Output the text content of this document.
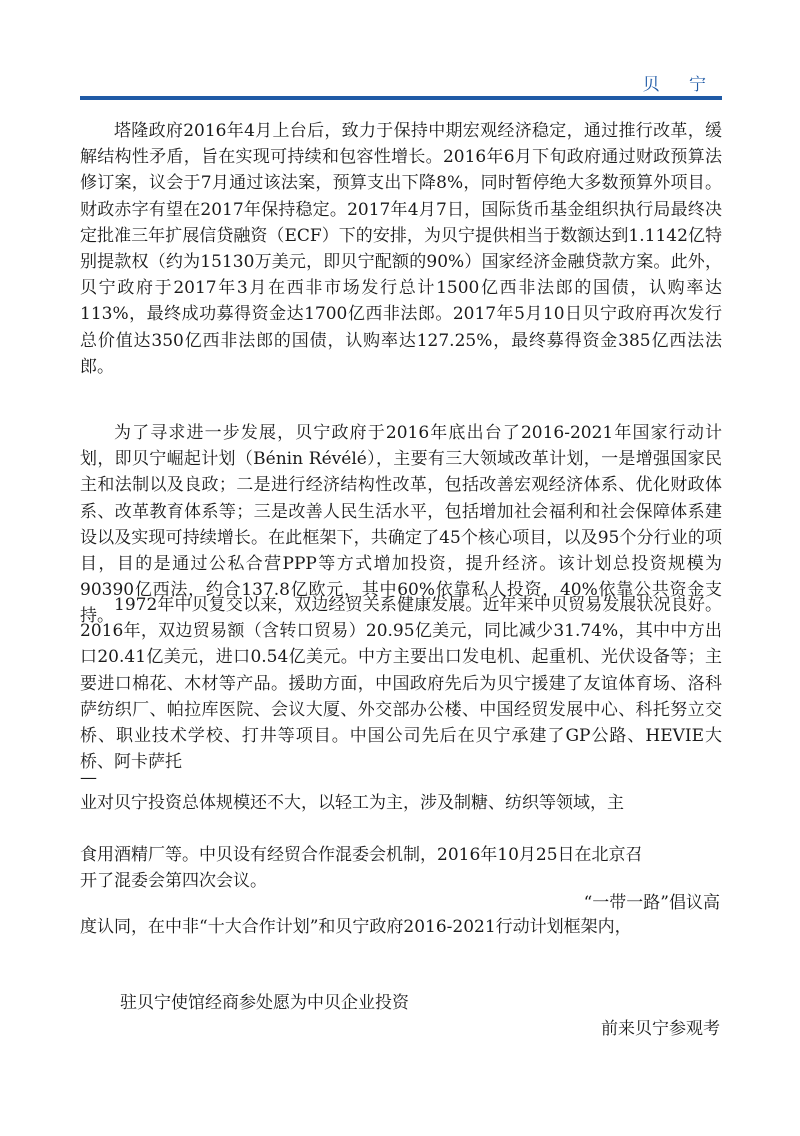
贝 宁

塔隆政府2016年4月上台后，致力于保持中期宏观经济稳定，通过推行改革，缓解结构性矛盾，旨在实现可持续和包容性增长。2016年6月下旬政府通过财政预算法修订案，议会于7月通过该法案，预算支出下降8%，同时暂停绝大多数预算外项目。财政赤字有望在2017年保持稳定。2017年4月7日，国际货币基金组织执行局最终决定批准三年扩展信贷融资（ECF）下的安排，为贝宁提供相当于数额达到1.1142亿特别提款权（约为15130万美元，即贝宁配额的90%）国家经济金融贷款方案。此外，贝宁政府于2017年3月在西非市场发行总计1500亿西非法郎的国债，认购率达113%，最终成功募得资金达1700亿西非法郎。2017年5月10日贝宁政府再次发行总价值达350亿西非法郎的国债，认购率达127.25%，最终募得资金385亿西法法郎。

为了寻求进一步发展，贝宁政府于2016年底出台了2016-2021年国家行动计划，即贝宁崛起计划（Bénin Révélé），主要有三大领域改革计划，一是增强国家民主和法制以及良政；二是进行经济结构性改革，包括改善宏观经济体系、优化财政体系、改革教育体系等；三是改善人民生活水平，包括增加社会福利和社会保障体系建设以及实现可持续增长。在此框架下，共确定了45个核心项目，以及95个分行业的项目，目的是通过公私合营PPP等方式增加投资，提升经济。该计划总投资规模为90390亿西法，约合137.8亿欧元，其中60%依靠私人投资，40%依靠公共资金支持。

1972年中贝复交以来，双边经贸关系健康发展。近年来中贝贸易发展状况良好。2016年，双边贸易额（含转口贸易）20.95亿美元，同比减少31.74%，其中中方出口20.41亿美元，进口0.54亿美元。中方主要出口发电机、起重机、光伏设备等；主要进口棉花、木材等产品。援助方面，中国政府先后为贝宁援建了友谊体育场、洛科萨纺织厂、帕拉库医院、会议大厦、外交部办公楼、中国经贸发展中心、科托努立交桥、职业技术学校、打井等项目。中国公司先后在贝宁承建了GP公路、HEVIE大桥、阿卡萨托

—

业对贝宁投资总体规模还不大，以轻工为主，涉及制糖、纺织等领域，主

食用酒精厂等。中贝设有经贸合作混委会机制，2016年10月25日在北京召

开了混委会第四次会议。

“一带一路”倡议高

度认同，在中非“十大合作计划”和贝宁政府2016-2021行动计划框架内，

驻贝宁使馆经商参处愿为中贝企业投资

前来贝宁参观考
